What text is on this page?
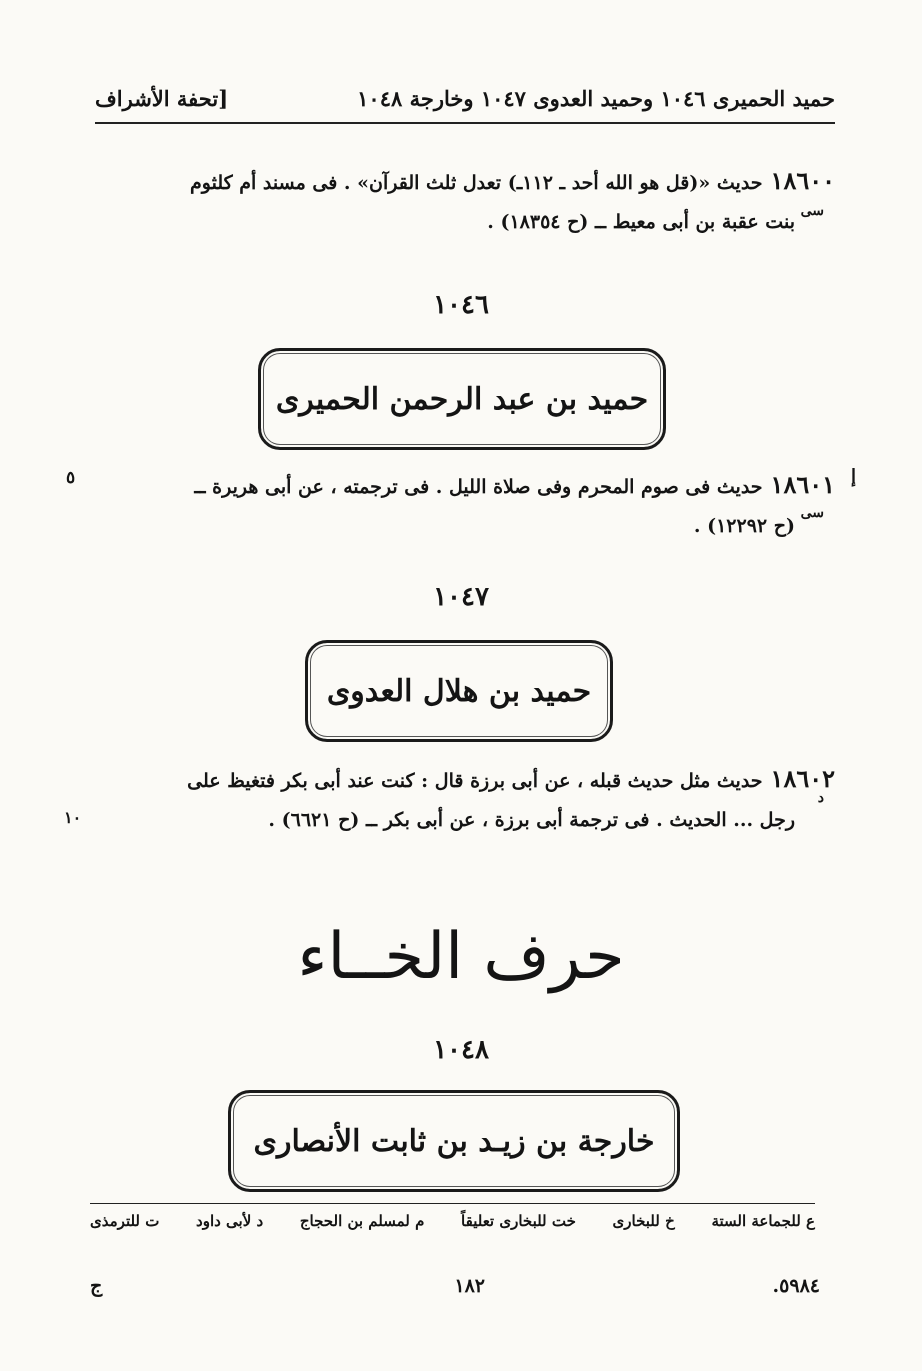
حميد الحميرى ١٠٤٦ وحميد العدوى ١٠٤٧ وخارجة ١٠٤٨
[تحفة الأشراف
١٨٦٠٠حديث «(قل هو الله أحد ـ ١١٢ـ) تعدل ثلث القرآن» . فى مسند أم كلثوم
بنت عقبة بن أبى معيط ــ (ح ١٨٣٥٤) . سى
١٠٤٦
حميد بن عبد الرحمن الحميرى
١٨٦٠١حديث فى صوم المحرم وفى صلاة الليل . فى ترجمته ، عن أبى هريرة ــ
(ح ١٢٢٩٢) .
سى
٥	إ
١٠٤٧
حميد بن هلال العدوى
١٨٦٠٢حديث مثل حديث قبله ، عن أبى برزة قال : كنت عند أبى بكر فتغيظ على
رجل ... الحديث . فى ترجمة أبى برزة ، عن أبى بكر ــ (ح ٦٦٢١) .
د
١٠
حرف الخــاء
١٠٤٨
خارجة بن زيـد بن ثابت الأنصارى
ع للجماعة الستة
خ للبخارى
خت للبخارى تعليقاً
م لمسلم بن الحجاج
د لأبى داود
ت للترمذى
٥٩٨٤.
١٨٢
ج
